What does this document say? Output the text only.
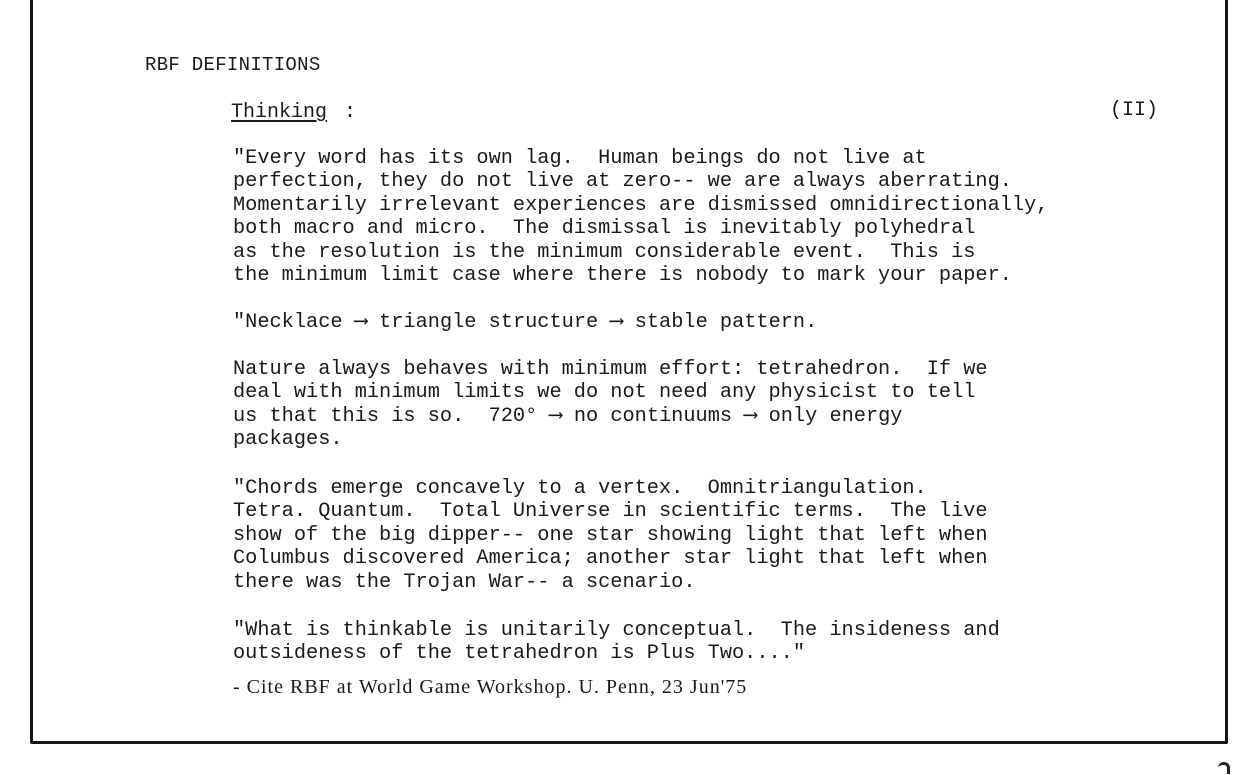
RBF DEFINITIONS
Thinking :	(II)
"Every word has its own lag.  Human beings do not live at
perfection, they do not live at zero-- we are always aberrating.
Momentarily irrelevant experiences are dismissed omnidirectionally,
both macro and micro.  The dismissal is inevitably polyhedral
as the resolution is the minimum considerable event.  This is
the minimum limit case where there is nobody to mark your paper.
"Necklace ⟶ triangle structure ⟶ stable pattern.
Nature always behaves with minimum effort: tetrahedron.  If we
deal with minimum limits we do not need any physicist to tell
us that this is so.  720° ⟶ no continuums ⟶ only energy
packages.
"Chords emerge concavely to a vertex.  Omnitriangulation.
Tetra. Quantum.  Total Universe in scientific terms.  The live
show of the big dipper-- one star showing light that left when
Columbus discovered America; another star light that left when
there was the Trojan War-- a scenario.
"What is thinkable is unitarily conceptual.  The insideness and
outsideness of the tetrahedron is Plus Two...."
- Cite RBF at World Game Workshop. U. Penn, 23 Jun'75
